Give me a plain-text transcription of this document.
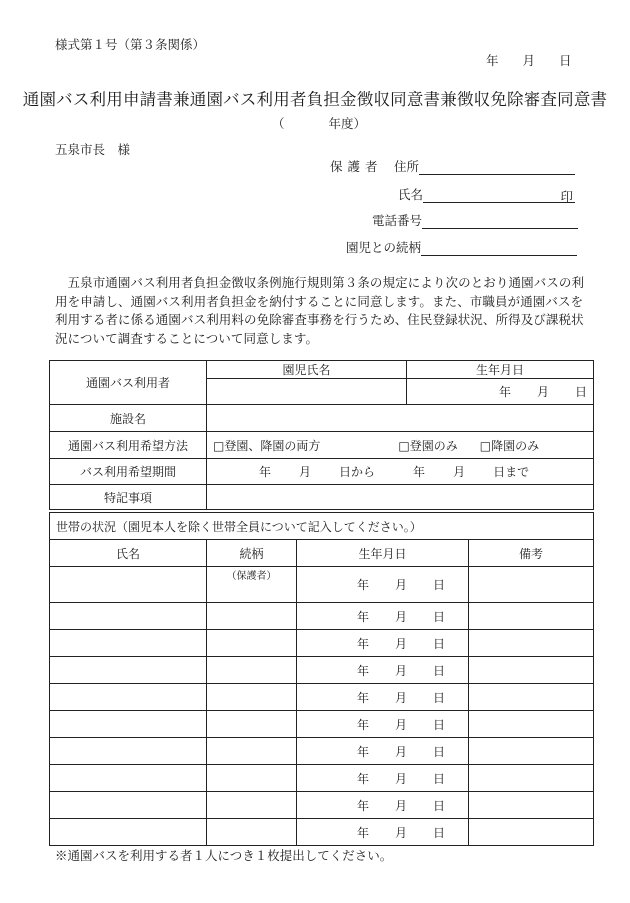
様式第１号（第３条関係）
年 月 日
通園バス利用申請書兼通園バス利用者負担金徴収同意書兼徴収免除審査同意書
（	年度）
五泉市長　様
保護者 住所
氏名	印
電話番号
園児との続柄
五泉市通園バス利用者負担金徴収条例施行規則第３条の規定により次のとおり通園バスの利用を申請し、通園バス利用者負担金を納付することに同意します。また、市職員が通園バスを利用する者に係る通園バス利用料の免除審査事務を行うため、住民登録状況、所得及び課税状況について調査することについて同意します。
通園バス利用者	園児氏名	生年月日
		年 月 日
施設名		
通園バス利用希望方法	□登園、降園の両方 □登園のみ □降園のみ	
バス利用希望期間	年 月 日から 年 月 日まで	
特記事項		
世帯の状況（園児本人を除く世帯全員について記入してください。）			
氏名	続柄	生年月日	備考
	（保護者）	年 月 日	
		年 月 日	
		年 月 日	
		年 月 日	
		年 月 日	
		年 月 日	
		年 月 日	
		年 月 日	
		年 月 日	
		年 月 日	
※通園バスを利用する者１人につき１枚提出してください。
